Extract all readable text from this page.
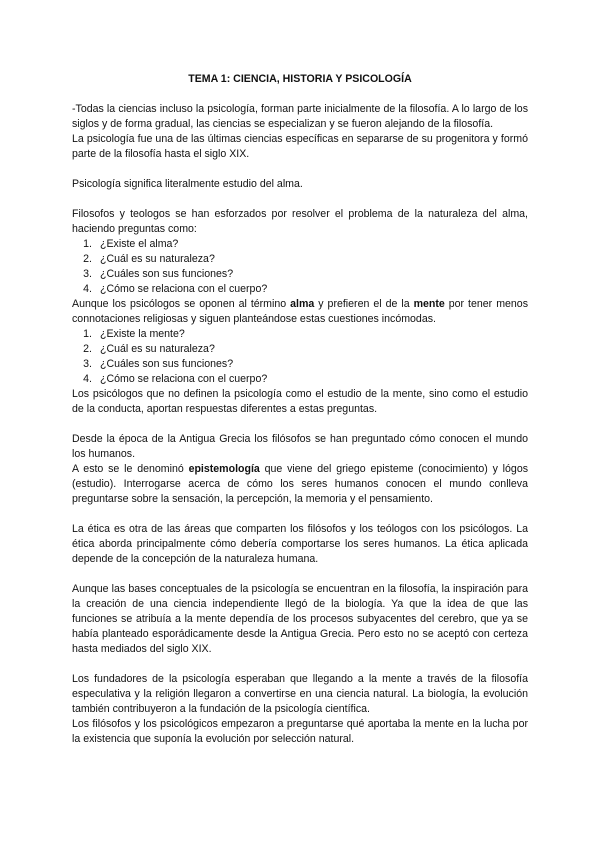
TEMA 1: CIENCIA, HISTORIA Y PSICOLOGÍA

-Todas la ciencias incluso la psicología, forman parte inicialmente de la filosofía. A lo largo de los siglos y de forma gradual, las ciencias se especializan y se fueron alejando de la filosofía.

La psicología fue una de las últimas ciencias específicas en separarse de su progenitora y formó parte de la filosofía hasta el siglo XIX.

Psicología significa literalmente estudio del alma.

Filosofos y teologos se han esforzados por resolver el problema de la naturaleza del alma, haciendo preguntas como:

1. ¿Existe el alma?
2. ¿Cuál es su naturaleza?
3. ¿Cuáles son sus funciones?
4. ¿Cómo se relaciona con el cuerpo?

Aunque los psicólogos se oponen al término alma y prefieren el de la mente por tener menos connotaciones religiosas y siguen planteándose estas cuestiones incómodas.

1. ¿Existe la mente?
2. ¿Cuál es su naturaleza?
3. ¿Cuáles son sus funciones?
4. ¿Cómo se relaciona con el cuerpo?

Los psicólogos que no definen la psicología como el estudio de la mente, sino como el estudio de la conducta, aportan respuestas diferentes a estas preguntas.

Desde la época de la Antigua Grecia los filósofos se han preguntado cómo conocen el mundo los humanos.

A esto se le denominó epistemología que viene del griego episteme (conocimiento) y lógos (estudio). Interrogarse acerca de cómo los seres humanos conocen el mundo conlleva preguntarse sobre la sensación, la percepción, la memoria y el pensamiento.

La ética es otra de las áreas que comparten los filósofos y los teólogos con los psicólogos. La ética aborda principalmente cómo debería comportarse los seres humanos. La ética aplicada depende de la concepción de la naturaleza humana.

Aunque las bases conceptuales de la psicología se encuentran en la filosofía, la inspiración para la creación de una ciencia independiente llegó de la biología. Ya que la idea de que las funciones se atribuía a la mente dependía de los procesos subyacentes del cerebro, que ya se había planteado esporádicamente desde la Antigua Grecia. Pero esto no se aceptó con certeza hasta mediados del siglo XIX.

Los fundadores de la psicología esperaban que llegando a la mente a través de la filosofía especulativa y la religión llegaron a convertirse en una ciencia natural. La biología, la evolución también contribuyeron a la fundación de la psicología científica.

Los filósofos y los psicológicos empezaron a preguntarse qué aportaba la mente en la lucha por la existencia que suponía la evolución por selección natural.
